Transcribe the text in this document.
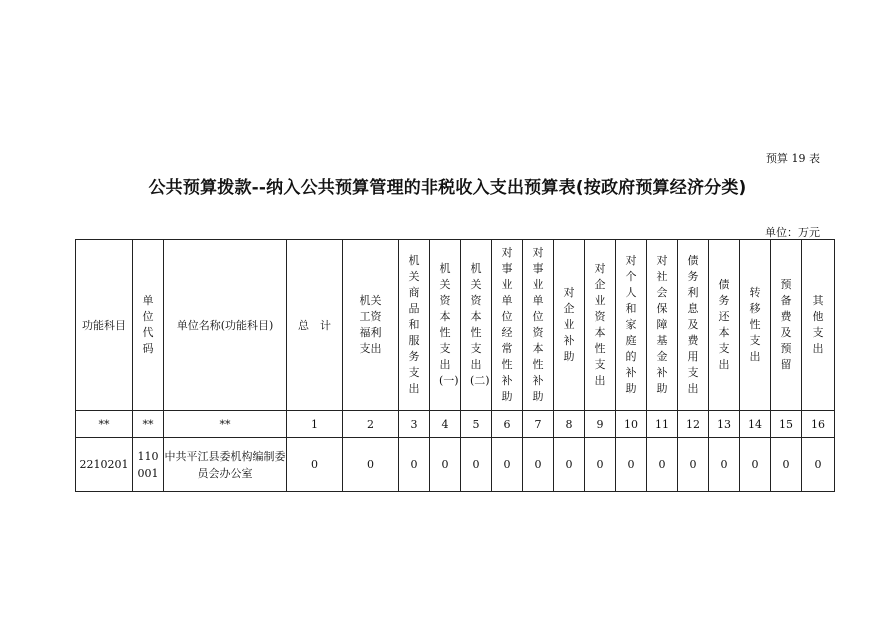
预算 19 表
公共预算拨款--纳入公共预算管理的非税收入支出预算表(按政府预算经济分类)
单位：万元
功能科目	单位代码	单位名称(功能科目)	总　计	机关工资福利支出	机关商品和服务支出	机关资本性支出(一)	机关资本性支出(二)	对事业单位经常性补助	对事业单位资本性补助	对企业补助	对企业资本性支出	对个人和家庭的补助	对社会保障基金补助	债务利息及费用支出	债务还本支出	转移性支出	预备费及预留	其他支出
**	**	**	1	2	3	4	5	6	7	8	9	10	11	12	13	14	15	16
2210201	110001	中共平江县委机构编制委员会办公室	0	0	0	0	0	0	0	0	0	0	0	0	0	0	0	0
